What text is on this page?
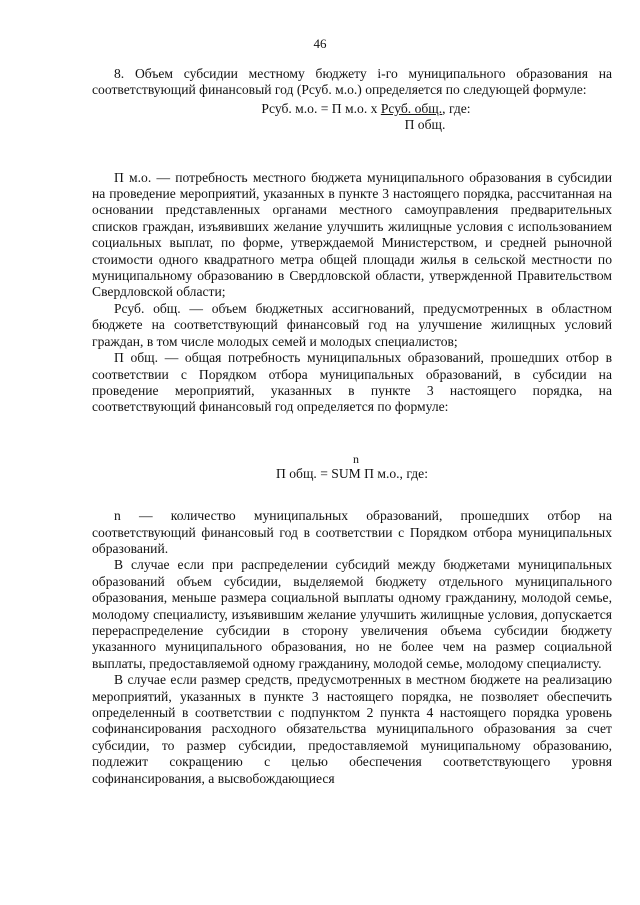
46

8. Объем субсидии местному бюджету i-го муниципального образования на соответствующий финансовый год (Рсуб. м.о.) определяется по следующей формуле:

Рсуб. м.о. = П м.о. х Рсуб. общ., где:
П общ.

П м.о. — потребность местного бюджета муниципального образования в субсидии на проведение мероприятий, указанных в пункте 3 настоящего порядка, рассчитанная на основании представленных органами местного самоуправления предварительных списков граждан, изъявивших желание улучшить жилищные условия с использованием социальных выплат, по форме, утверждаемой Министерством, и средней рыночной стоимости одного квадратного метра общей площади жилья в сельской местности по муниципальному образованию в Свердловской области, утвержденной Правительством Свердловской области;

Рсуб. общ. — объем бюджетных ассигнований, предусмотренных в областном бюджете на соответствующий финансовый год на улучшение жилищных условий граждан, в том числе молодых семей и молодых специалистов;

П общ. — общая потребность муниципальных образований, прошедших отбор в соответствии с Порядком отбора муниципальных образований, в субсидии на проведение мероприятий, указанных в пункте 3 настоящего порядка, на соответствующий финансовый год определяется по формуле:

n
П общ. = SUM П м.о., где:

n — количество муниципальных образований, прошедших отбор на соответствующий финансовый год в соответствии с Порядком отбора муниципальных образований.

В случае если при распределении субсидий между бюджетами муниципальных образований объем субсидии, выделяемой бюджету отдельного муниципального образования, меньше размера социальной выплаты одному гражданину, молодой семье, молодому специалисту, изъявившим желание улучшить жилищные условия, допускается перераспределение субсидии в сторону увеличения объема субсидии бюджету указанного муниципального образования, но не более чем на размер социальной выплаты, предоставляемой одному гражданину, молодой семье, молодому специалисту.

В случае если размер средств, предусмотренных в местном бюджете на реализацию мероприятий, указанных в пункте 3 настоящего порядка, не позволяет обеспечить определенный в соответствии с подпунктом 2 пункта 4 настоящего порядка уровень софинансирования расходного обязательства муниципального образования за счет субсидии, то размер субсидии, предоставляемой муниципальному образованию, подлежит сокращению с целью обеспечения соответствующего уровня софинансирования, а высвобождающиеся
